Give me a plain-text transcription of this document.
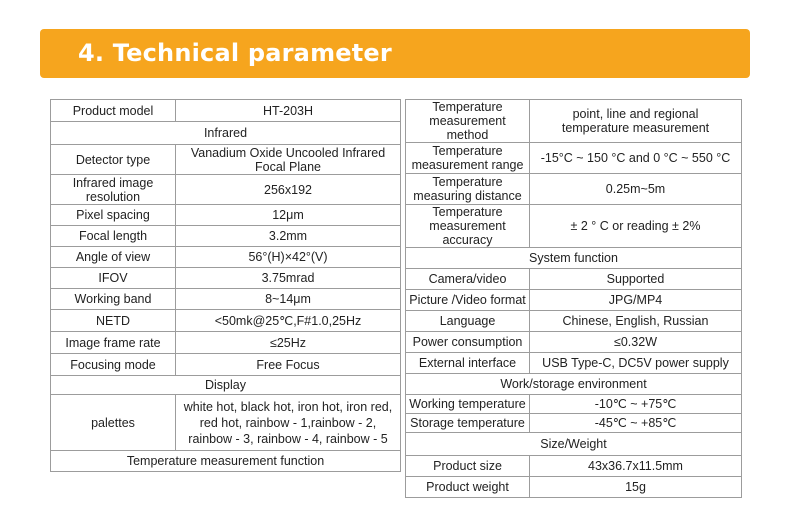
4. Technical parameter
Product model	HT-203H
Infrared	
Detector type	Vanadium Oxide Uncooled Infrared
Focal Plane

Infrared image
resolution	256x192
Pixel spacing	12μm
Focal length	3.2mm
Angle of view	56°(H)×42°(V)
IFOV	3.75mrad
Working band	8~14μm
NETD	<50mk@25℃,F#1.0,25Hz
Image frame rate	≤25Hz
Focusing mode	Free Focus
Display	
palettes	white hot, black hot, iron hot, iron red,
red hot, rainbow - 1,rainbow - 2,
rainbow - 3, rainbow - 4, rainbow - 5

Temperature measurement function	
Temperature
measurement method	point, line and regional
temperature measurement

Temperature
measurement range	-15°C ~ 150 °C and 0 °C ~ 550 °C

Temperature
measuring distance	0.25m~5m

Temperature
measurement accuracy	± 2 ° C or reading ± 2%
System function	
Camera/video	Supported
Picture /Video format	JPG/MP4
Language	Chinese, English, Russian
Power consumption	≤0.32W
External interface	USB Type-C, DC5V power supply
Work/storage environment	
Working temperature	-10℃ ~ +75℃
Storage temperature	-45℃ ~ +85℃
Size/Weight	
Product size	43x36.7x11.5mm
Product weight	15g
